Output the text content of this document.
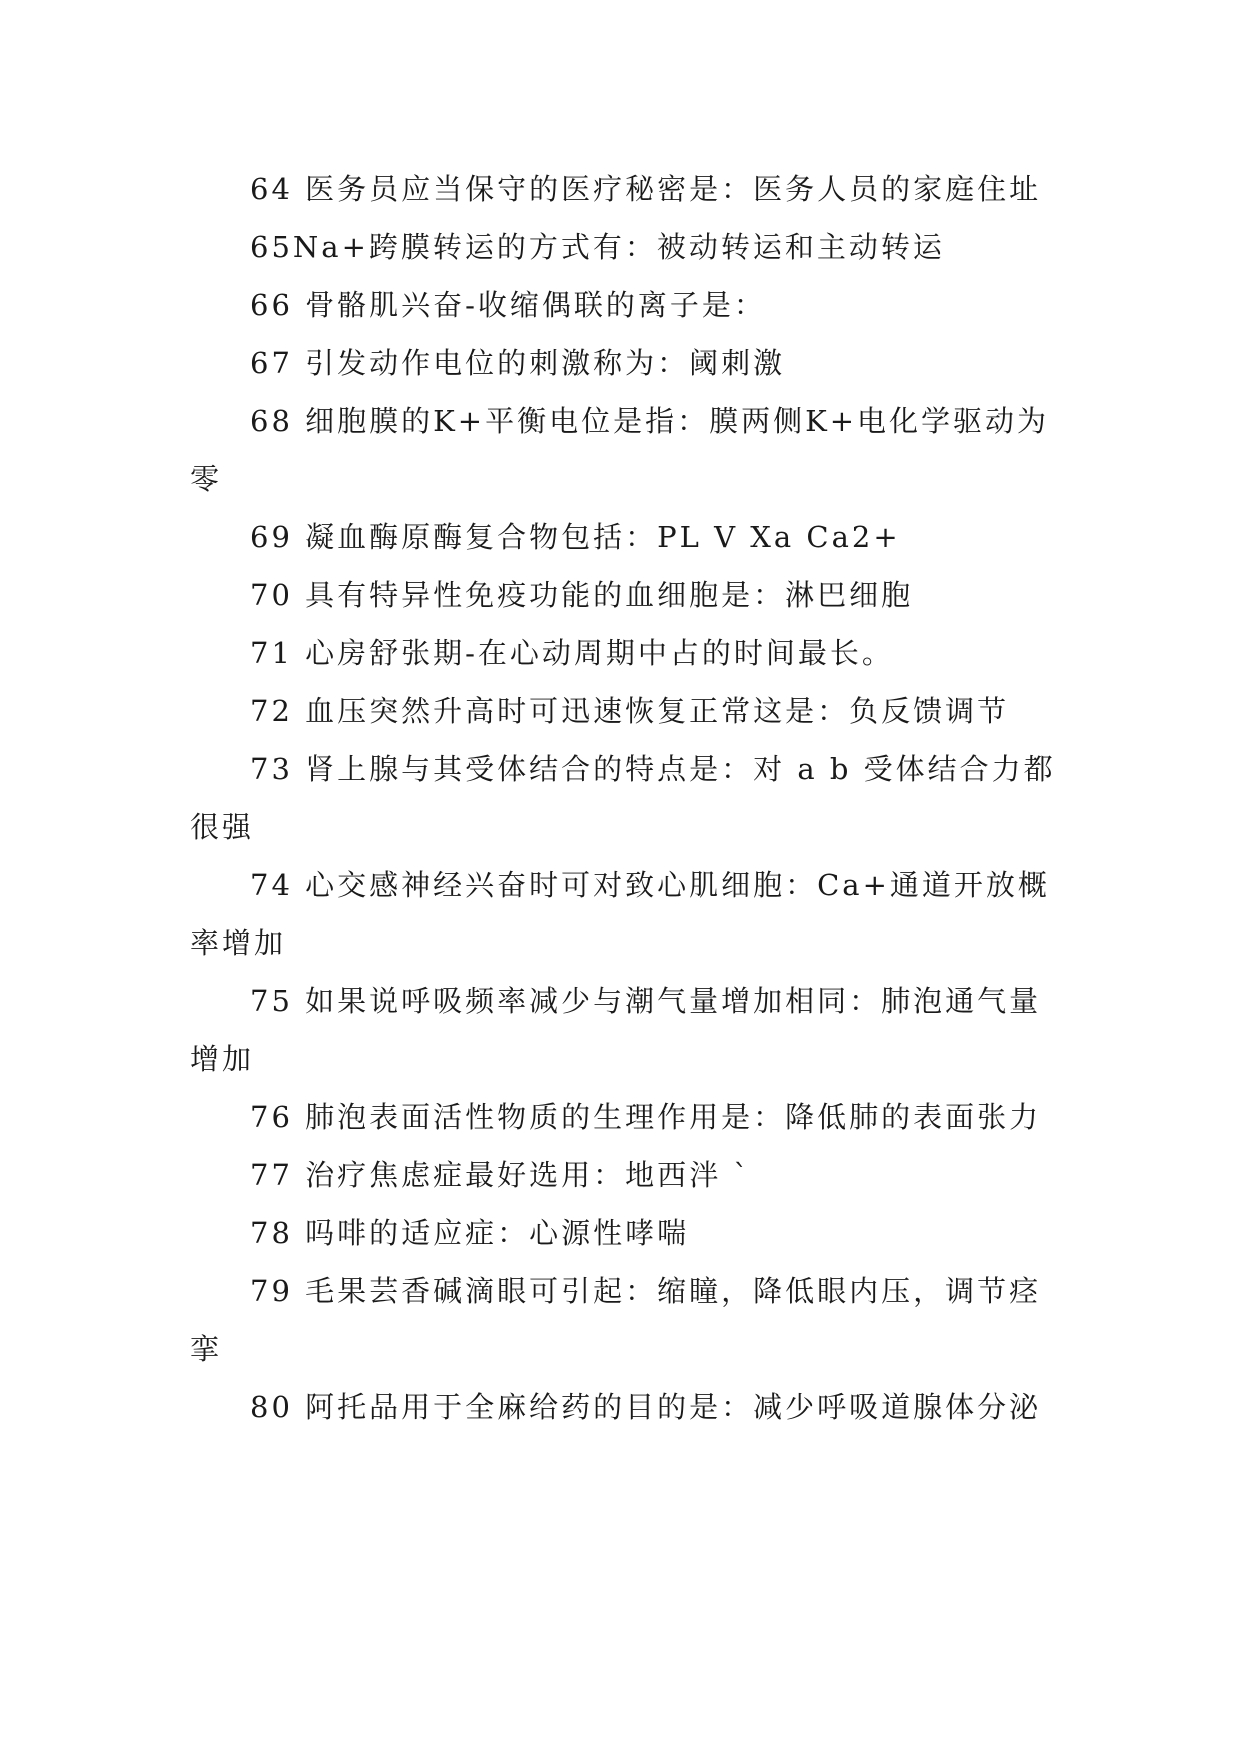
64 医务员应当保守的医疗秘密是：医务人员的家庭住址

65Na+跨膜转运的方式有：被动转运和主动转运

66 骨骼肌兴奋-收缩偶联的离子是：

67 引发动作电位的刺激称为：阈刺激

68 细胞膜的K+平衡电位是指：膜两侧K+电化学驱动为零

69 凝血酶原酶复合物包括：PL V Xa Ca2+

70 具有特异性免疫功能的血细胞是：淋巴细胞

71 心房舒张期-在心动周期中占的时间最长。

72 血压突然升高时可迅速恢复正常这是：负反馈调节

73 肾上腺与其受体结合的特点是：对 a b 受体结合力都很强

74 心交感神经兴奋时可对致心肌细胞：Ca+通道开放概率增加

75 如果说呼吸频率减少与潮气量增加相同：肺泡通气量增加

76 肺泡表面活性物质的生理作用是：降低肺的表面张力

77 治疗焦虑症最好选用：地西泮 `

78 吗啡的适应症：心源性哮喘

79 毛果芸香碱滴眼可引起：缩瞳，降低眼内压，调节痉挛

80 阿托品用于全麻给药的目的是：减少呼吸道腺体分泌
